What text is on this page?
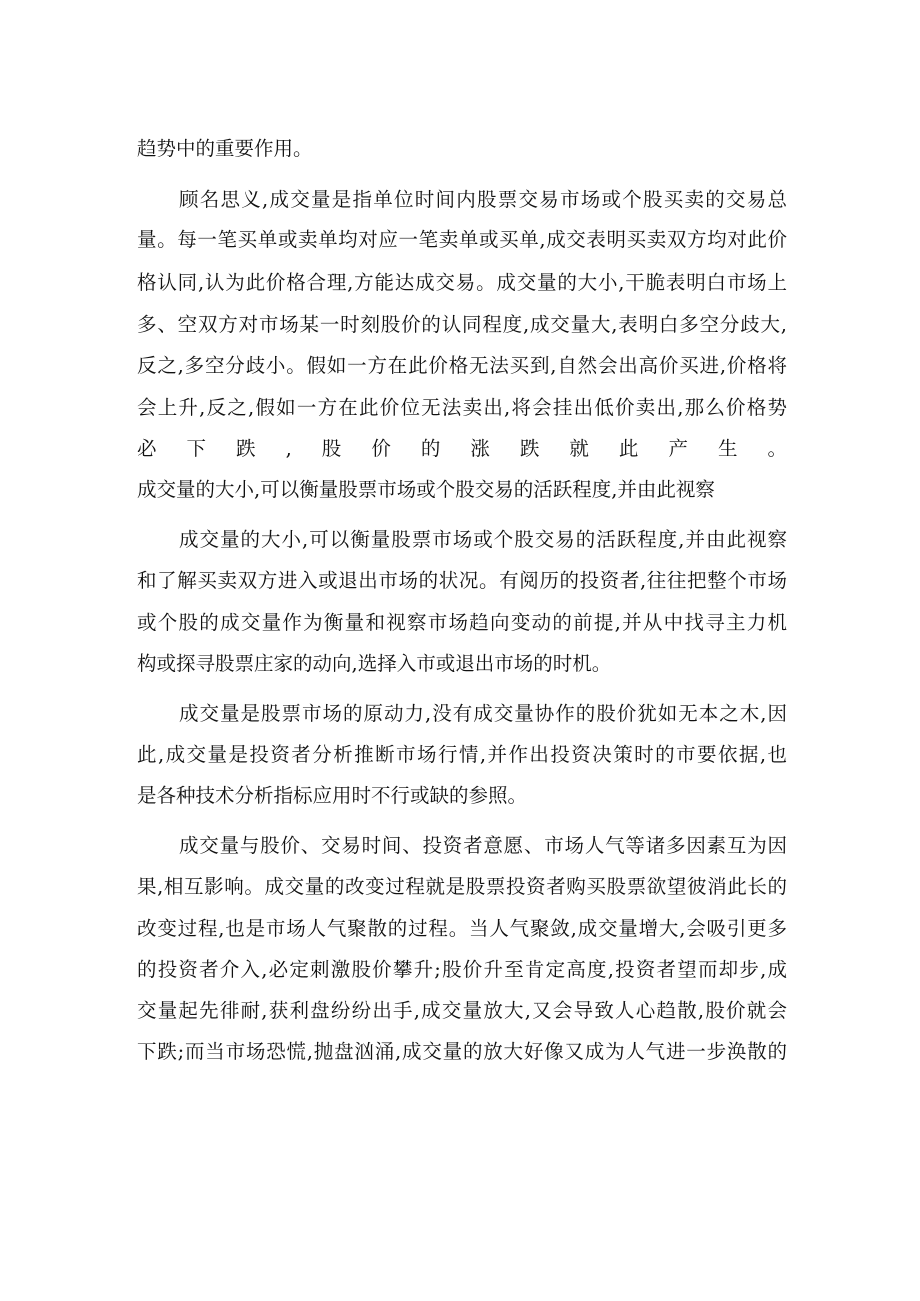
趋势中的重要作用。
顾名思义,成交量是指单位时间内股票交易市场或个股买卖的交易总
量。每一笔买单或卖单均对应一笔卖单或买单,成交表明买卖双方均对此价
格认同,认为此价格合理,方能达成交易。成交量的大小,干脆表明白市场上
多、空双方对市场某一时刻股价的认同程度,成交量大,表明白多空分歧大,
反之,多空分歧小。假如一方在此价格无法买到,自然会出高价买进,价格将
会上升,反之,假如一方在此价位无法卖出,将会挂出低价卖出,那么价格势
必下跌,股价的涨跌就此产生。
成交量的大小,可以衡量股票市场或个股交易的活跃程度,并由此视察
成交量的大小,可以衡量股票市场或个股交易的活跃程度,并由此视察
和了解买卖双方进入或退出市场的状况。有阅历的投资者,往往把整个市场
或个股的成交量作为衡量和视察市场趋向变动的前提,并从中找寻主力机
构或探寻股票庄家的动向,选择入市或退出市场的时机。
成交量是股票市场的原动力,没有成交量协作的股价犹如无本之木,因
此,成交量是投资者分析推断市场行情,并作出投资决策时的市要依据,也
是各种技术分析指标应用时不行或缺的参照。
成交量与股价、交易时间、投资者意愿、市场人气等诸多因素互为因
果,相互影响。成交量的改变过程就是股票投资者购买股票欲望彼消此长的
改变过程,也是市场人气聚散的过程。当人气聚敛,成交量增大,会吸引更多
的投资者介入,必定刺激股价攀升;股价升至肯定高度,投资者望而却步,成
交量起先徘耐,获利盘纷纷出手,成交量放大,又会导致人心趋散,股价就会
下跌;而当市场恐慌,抛盘汹涌,成交量的放大好像又成为人气进一步涣散的
